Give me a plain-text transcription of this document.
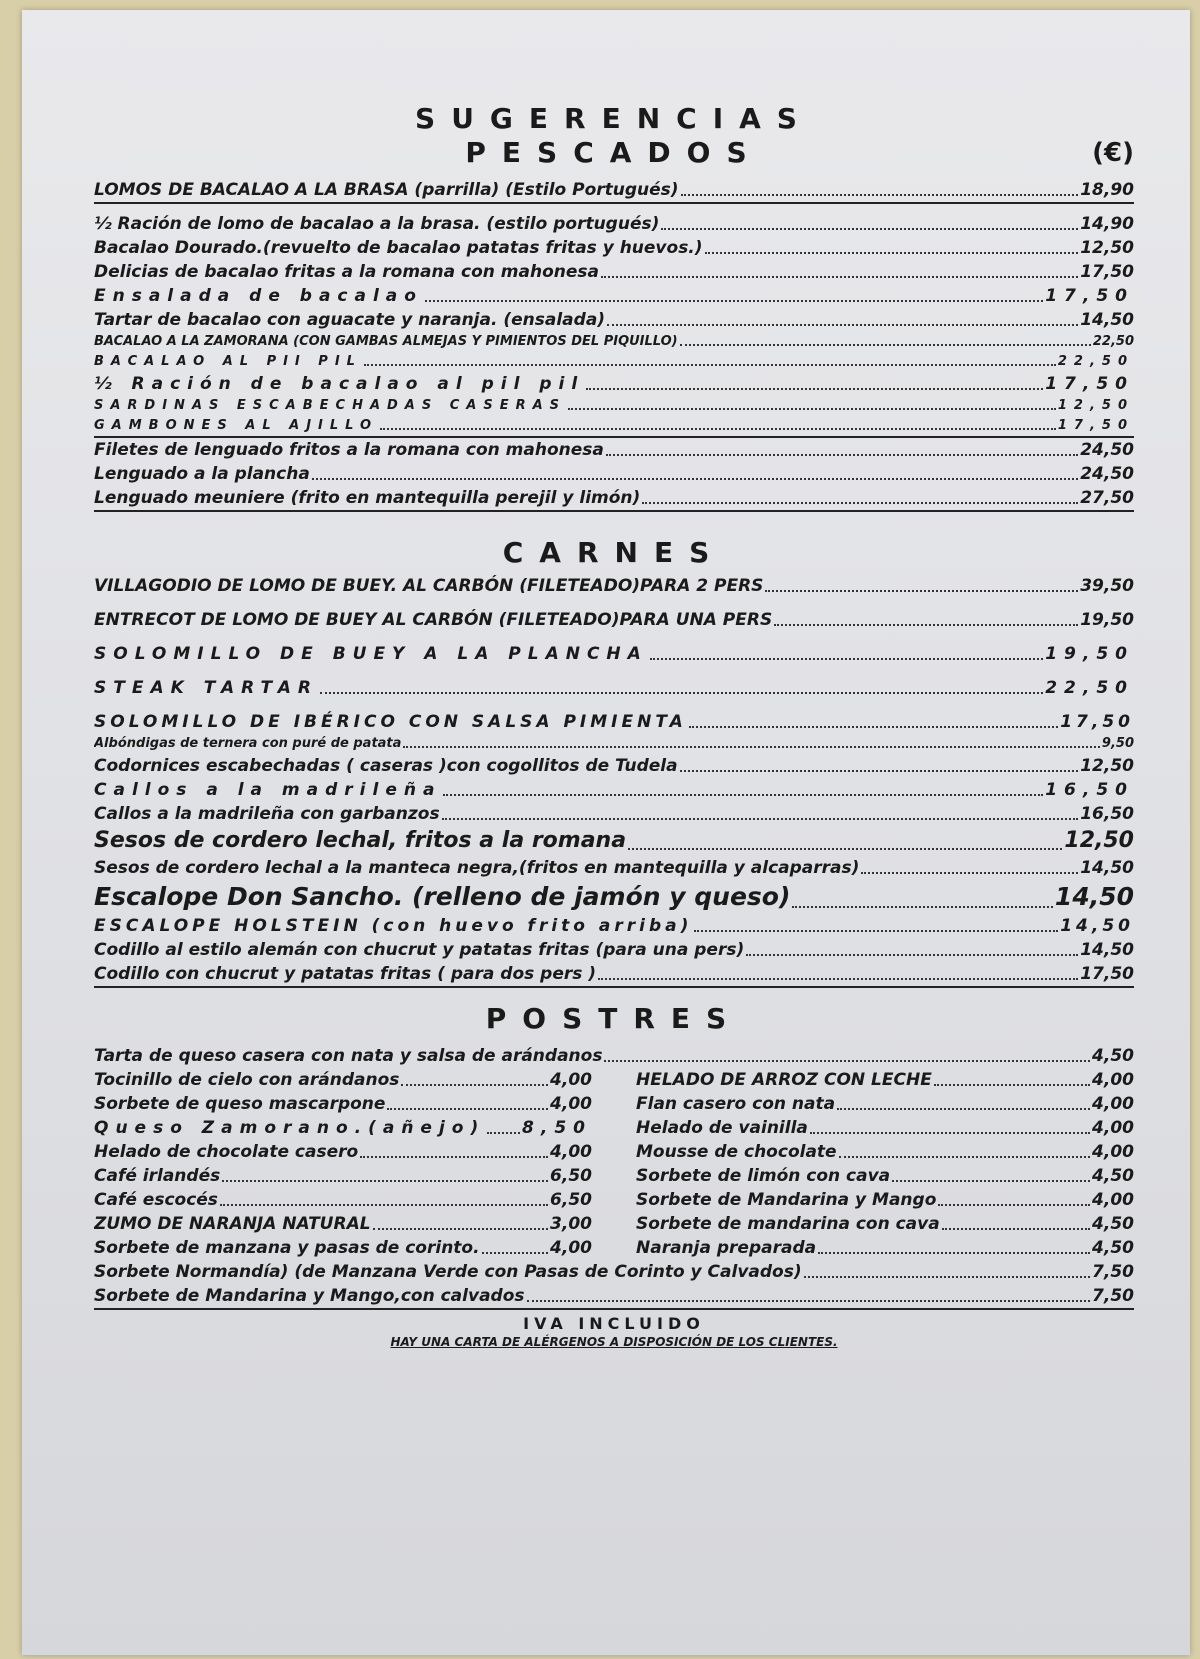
SUGERENCIAS
PESCADOS	(€)
LOMOS DE BACALAO A LA BRASA (parrilla) (Estilo Portugués)	18,90
½ Ración de lomo de bacalao a la brasa. (estilo portugués)	14,90
Bacalao Dourado.(revuelto de bacalao patatas fritas y huevos.)	12,50
Delicias de bacalao fritas a la romana con mahonesa	17,50
Ensalada de bacalao	17,50
Tartar de bacalao con aguacate y naranja. (ensalada)	14,50
BACALAO A LA ZAMORANA (CON GAMBAS ALMEJAS Y PIMIENTOS DEL PIQUILLO)	22,50
BACALAO AL PII PIL	22,50
½ Ración de bacalao al pil pil	17,50
SARDINAS ESCABECHADAS CASERAS	12,50
GAMBONES AL AJILLO	17,50
Filetes de lenguado fritos a la romana con mahonesa	24,50
Lenguado a la plancha	24,50
Lenguado meuniere (frito en mantequilla perejil y limón)	27,50
CARNES
VILLAGODIO DE LOMO DE BUEY. AL CARBÓN (FILETEADO)PARA 2 PERS	39,50
ENTRECOT DE LOMO DE BUEY AL CARBÓN (FILETEADO)PARA UNA PERS	19,50
SOLOMILLO DE BUEY A LA PLANCHA	19,50
STEAK TARTAR	22,50
SOLOMILLO DE IBÉRICO CON SALSA PIMIENTA	17,50
Albóndigas de ternera con puré de patata	9,50
Codornices escabechadas ( caseras )con cogollitos de Tudela	12,50
Callos a la madrileña	16,50
Callos a la madrileña con garbanzos	16,50
Sesos de cordero lechal, fritos a la romana	12,50
Sesos de cordero lechal a la manteca negra,(fritos en mantequilla y alcaparras)	14,50
Escalope Don Sancho. (relleno de jamón y queso)	14,50
ESCALOPE HOLSTEIN (con huevo frito arriba)	14,50
Codillo al estilo alemán con chucrut y patatas fritas (para una pers)	14,50
Codillo con chucrut y patatas fritas ( para dos pers )	17,50
POSTRES
Tarta de queso casera con nata y salsa de arándanos	4,50
Tocinillo de cielo con arándanos	4,00
Sorbete de queso mascarpone	4,00
Queso Zamorano.(añejo) 8,50
Helado de chocolate casero	4,00
Café irlandés	6,50
Café escocés	6,50
ZUMO DE NARANJA NATURAL	3,00
Sorbete de manzana y pasas de corinto.	4,00
HELADO DE ARROZ CON LECHE	4,00
Flan casero con nata	4,00
Helado de vainilla	4,00
Mousse de chocolate	4,00
Sorbete de limón con cava	4,50
Sorbete de Mandarina y Mango	4,00
Sorbete de mandarina con cava	4,50
Naranja preparada	4,50
Sorbete Normandía) (de Manzana Verde con Pasas de Corinto y Calvados)	7,50
Sorbete de Mandarina y Mango,con calvados	7,50
IVA INCLUIDO
HAY UNA CARTA DE ALÉRGENOS A DISPOSICIÓN DE LOS CLIENTES.
